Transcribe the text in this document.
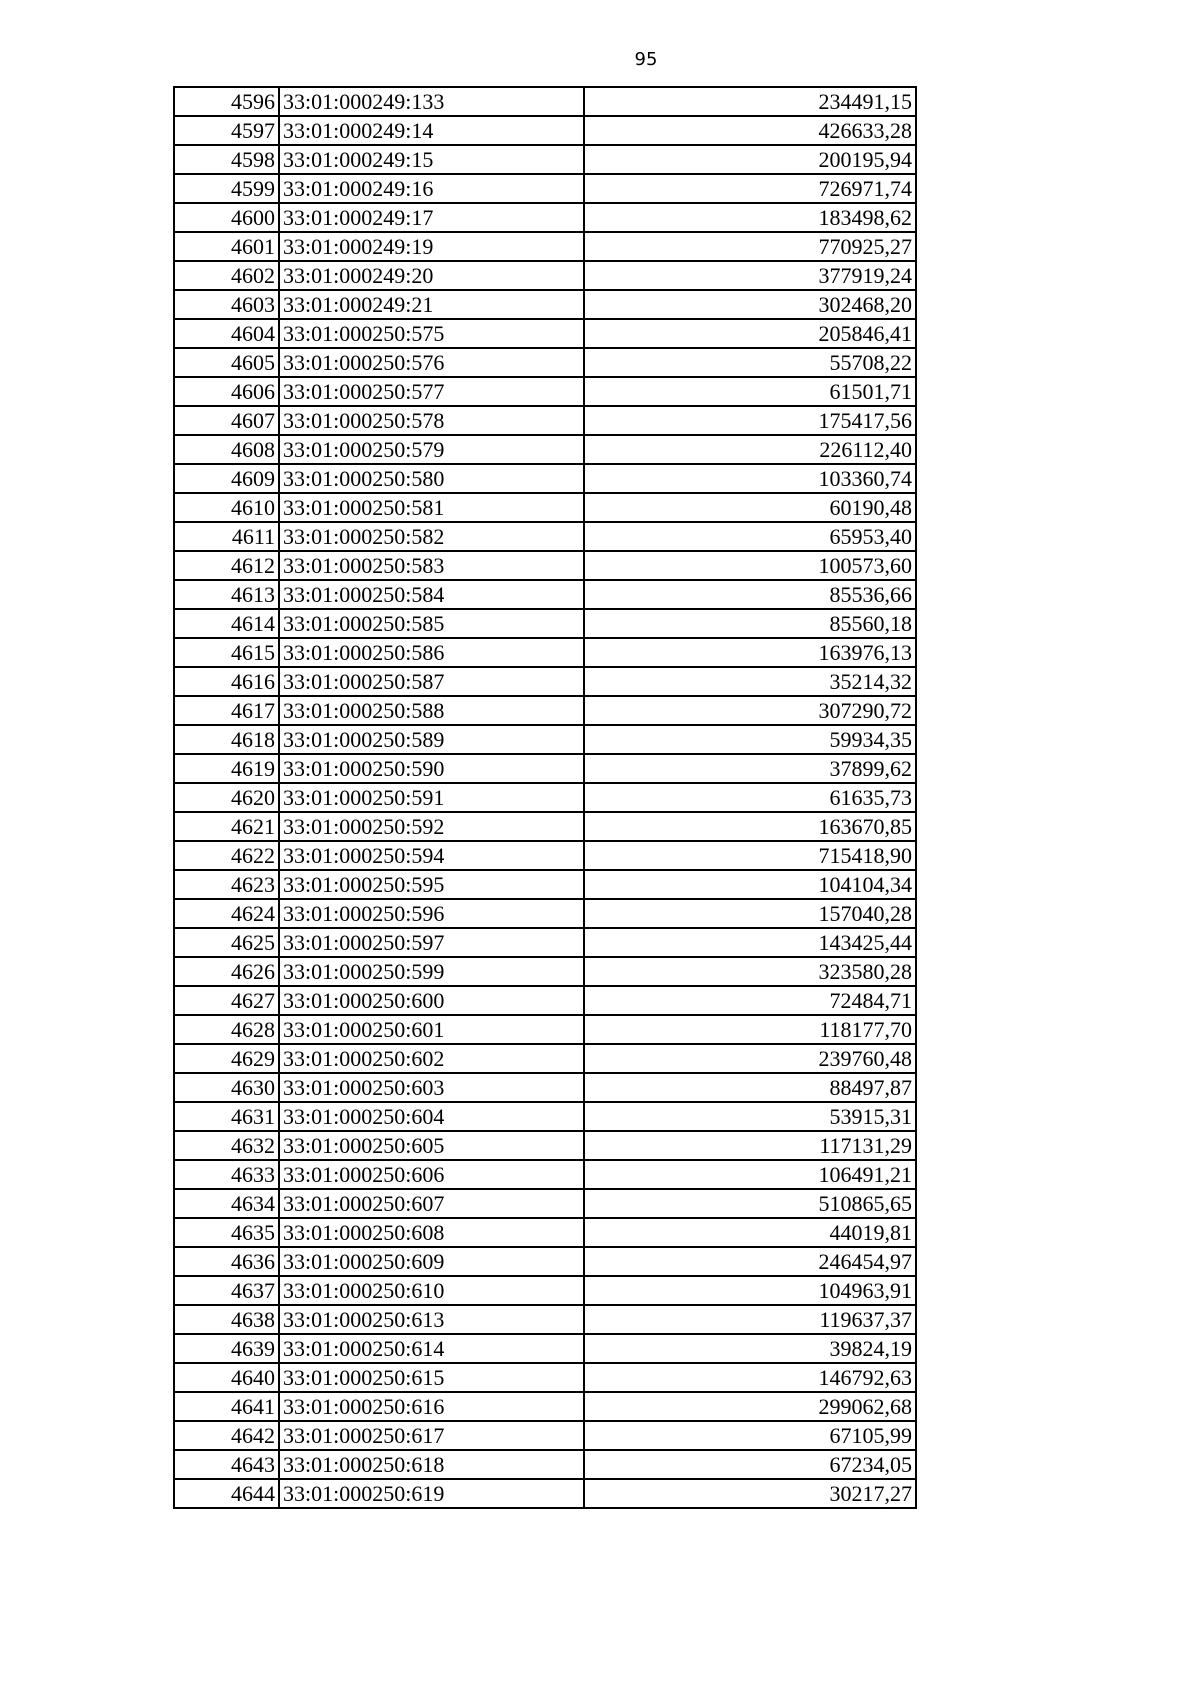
95
4596	33:01:000249:133	234491,15
4597	33:01:000249:14	426633,28
4598	33:01:000249:15	200195,94
4599	33:01:000249:16	726971,74
4600	33:01:000249:17	183498,62
4601	33:01:000249:19	770925,27
4602	33:01:000249:20	377919,24
4603	33:01:000249:21	302468,20
4604	33:01:000250:575	205846,41
4605	33:01:000250:576	55708,22
4606	33:01:000250:577	61501,71
4607	33:01:000250:578	175417,56
4608	33:01:000250:579	226112,40
4609	33:01:000250:580	103360,74
4610	33:01:000250:581	60190,48
4611	33:01:000250:582	65953,40
4612	33:01:000250:583	100573,60
4613	33:01:000250:584	85536,66
4614	33:01:000250:585	85560,18
4615	33:01:000250:586	163976,13
4616	33:01:000250:587	35214,32
4617	33:01:000250:588	307290,72
4618	33:01:000250:589	59934,35
4619	33:01:000250:590	37899,62
4620	33:01:000250:591	61635,73
4621	33:01:000250:592	163670,85
4622	33:01:000250:594	715418,90
4623	33:01:000250:595	104104,34
4624	33:01:000250:596	157040,28
4625	33:01:000250:597	143425,44
4626	33:01:000250:599	323580,28
4627	33:01:000250:600	72484,71
4628	33:01:000250:601	118177,70
4629	33:01:000250:602	239760,48
4630	33:01:000250:603	88497,87
4631	33:01:000250:604	53915,31
4632	33:01:000250:605	117131,29
4633	33:01:000250:606	106491,21
4634	33:01:000250:607	510865,65
4635	33:01:000250:608	44019,81
4636	33:01:000250:609	246454,97
4637	33:01:000250:610	104963,91
4638	33:01:000250:613	119637,37
4639	33:01:000250:614	39824,19
4640	33:01:000250:615	146792,63
4641	33:01:000250:616	299062,68
4642	33:01:000250:617	67105,99
4643	33:01:000250:618	67234,05
4644	33:01:000250:619	30217,27
